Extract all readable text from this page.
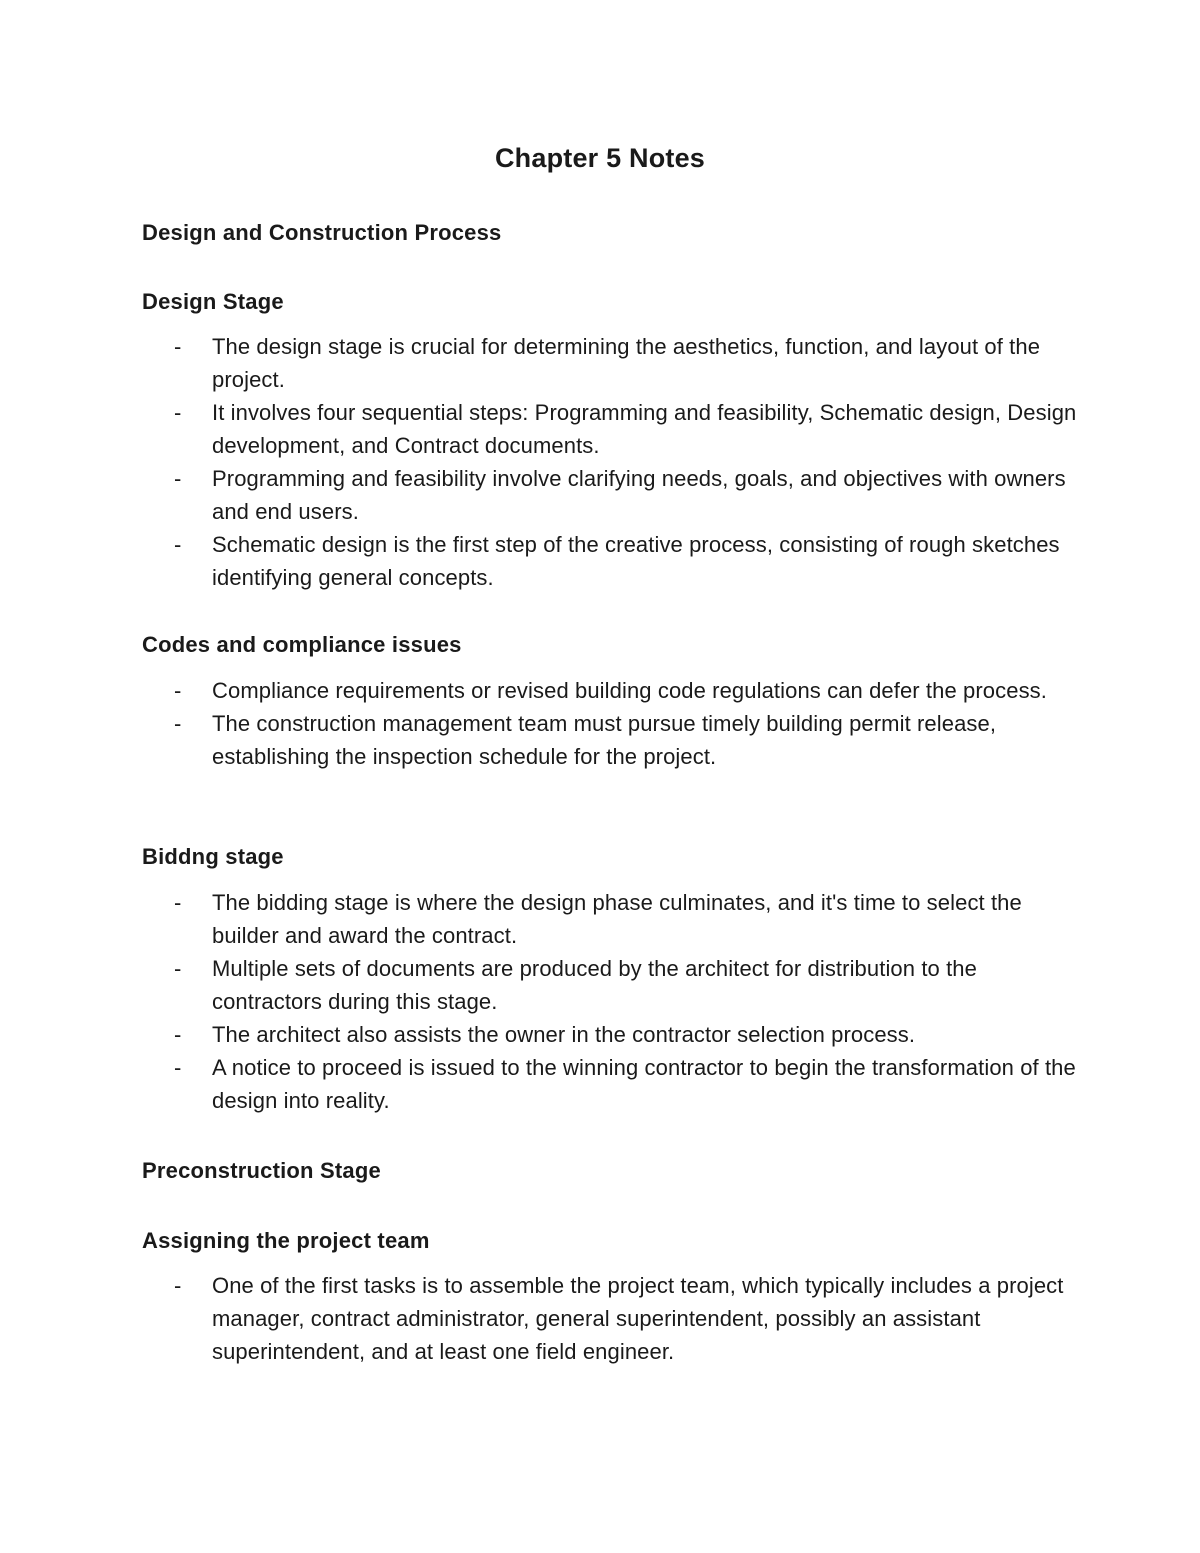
Chapter 5 Notes
Design and Construction Process
Design Stage
- The design stage is crucial for determining the aesthetics, function, and layout of the project.
- It involves four sequential steps: Programming and feasibility, Schematic design, Design development, and Contract documents.
- Programming and feasibility involve clarifying needs, goals, and objectives with owners and end users.
- Schematic design is the first step of the creative process, consisting of rough sketches identifying general concepts.
Codes and compliance issues
- Compliance requirements or revised building code regulations can defer the process.
- The construction management team must pursue timely building permit release, establishing the inspection schedule for the project.
Biddng stage
- The bidding stage is where the design phase culminates, and it's time to select the builder and award the contract.
- Multiple sets of documents are produced by the architect for distribution to the contractors during this stage.
- The architect also assists the owner in the contractor selection process.
- A notice to proceed is issued to the winning contractor to begin the transformation of the design into reality.
Preconstruction Stage
Assigning the project team
- One of the first tasks is to assemble the project team, which typically includes a project manager, contract administrator, general superintendent, possibly an assistant superintendent, and at least one field engineer.
